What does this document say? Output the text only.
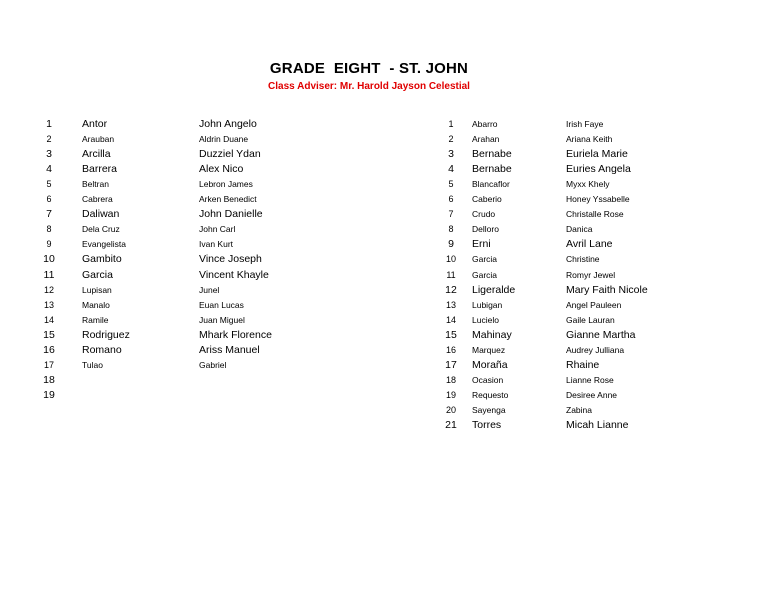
GRADE  EIGHT  - ST. JOHN
Class Adviser: Mr. Harold Jayson Celestial
1	Antor	John Angelo
2	Arauban	Aldrin Duane
3	Arcilla	Duzziel Ydan
4	Barrera	Alex Nico
5	Beltran	Lebron James
6	Cabrera	Arken Benedict
7	Daliwan	John Danielle
8	Dela Cruz	John Carl
9	Evangelista	Ivan Kurt
10	Gambito	Vince Joseph
11	Garcia	Vincent Khayle
12	Lupisan	Junel
13	Manalo	Euan Lucas
14	Ramile	Juan Miguel
15	Rodriguez	Mhark Florence
16	Romano	Ariss Manuel
17	Tulao	Gabriel
18
19
1	Abarro	Irish Faye
2	Arahan	Ariana Keith
3	Bernabe	Euriela Marie
4	Bernabe	Euries Angela
5	Blancaflor	Myxx Khely
6	Caberio	Honey Yssabelle
7	Crudo	Christalle Rose
8	Delloro	Danica
9	Erni	Avril Lane
10	Garcia	Christine
11	Garcia	Romyr Jewel
12	Ligeralde	Mary Faith Nicole
13	Lubigan	Angel Pauleen
14	Lucielo	Gaile Lauran
15	Mahinay	Gianne Martha
16	Marquez	Audrey Julliana
17	Moraña	Rhaine
18	Ocasion	Lianne Rose
19	Requesto	Desiree Anne
20	Sayenga	Zabina
21	Torres	Micah Lianne
